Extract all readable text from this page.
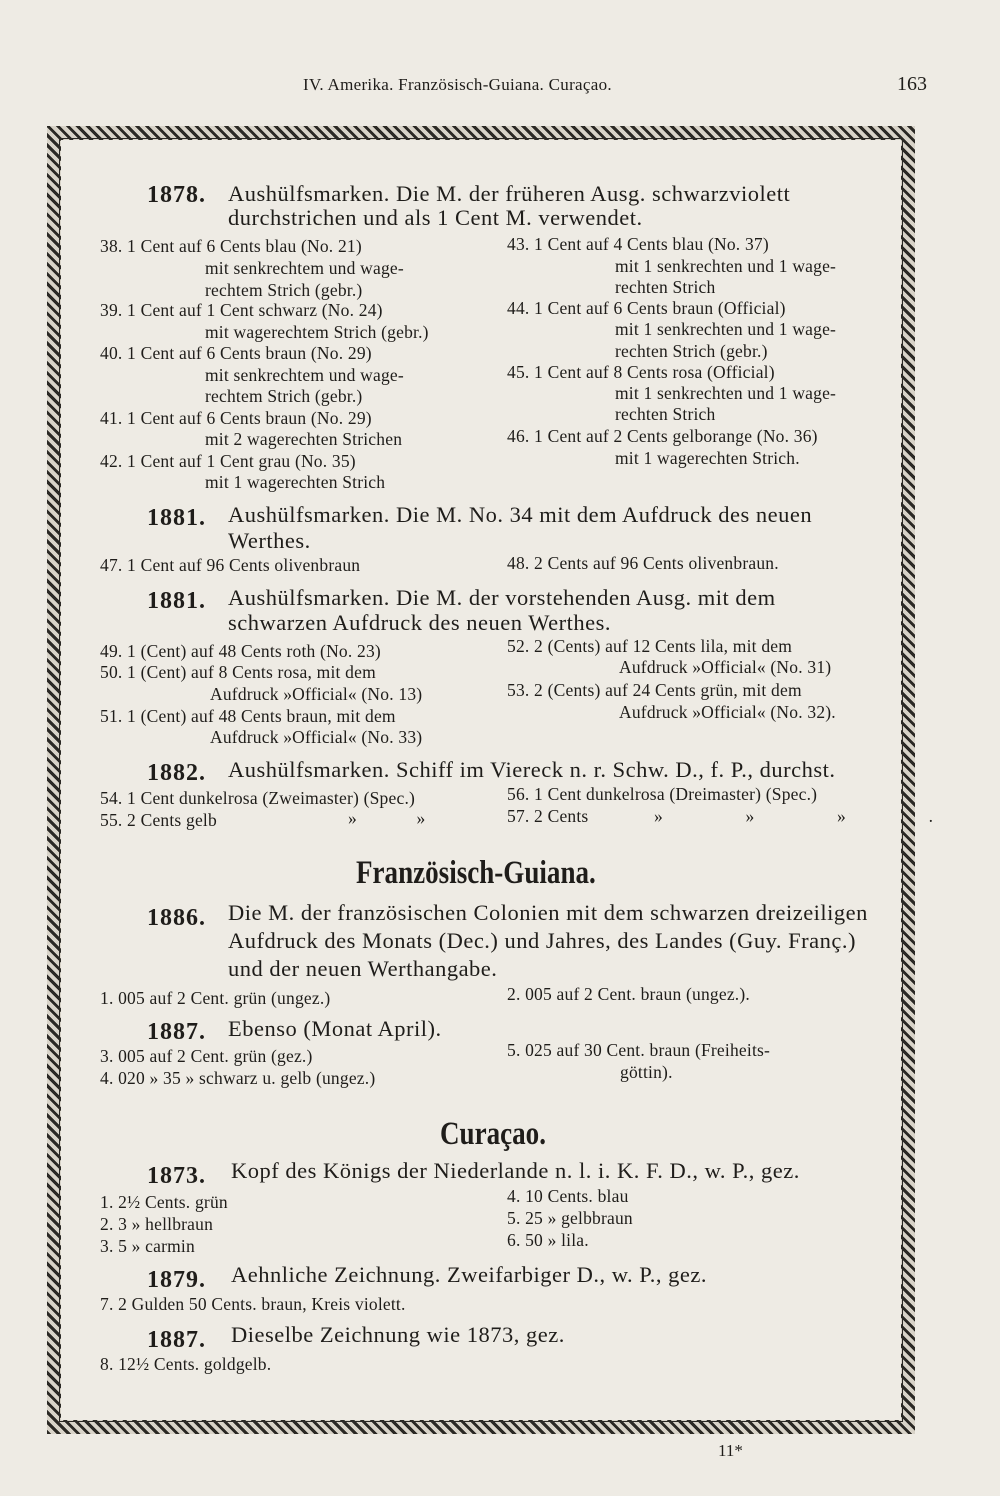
IV. Amerika. Französisch-Guiana. Curaçao.	163
1878. Aushülfsmarken. Die M. der früheren Ausg. schwarzviolett
durchstrichen und als 1 Cent M. verwendet.
38. 1 Cent auf 6 Cents blau (No. 21)
mit senkrechtem und wage-
rechtem Strich (gebr.)
39. 1 Cent auf 1 Cent schwarz (No. 24)
mit wagerechtem Strich (gebr.)
40. 1 Cent auf 6 Cents braun (No. 29)
mit senkrechtem und wage-
rechtem Strich (gebr.)
41. 1 Cent auf 6 Cents braun (No. 29)
mit 2 wagerechten Strichen
42. 1 Cent auf 1 Cent grau (No. 35)
mit 1 wagerechten Strich
43. 1 Cent auf 4 Cents blau (No. 37)
mit 1 senkrechten und 1 wage-
rechten Strich
44. 1 Cent auf 6 Cents braun (Official)
mit 1 senkrechten und 1 wage-
rechten Strich (gebr.)
45. 1 Cent auf 8 Cents rosa (Official)
mit 1 senkrechten und 1 wage-
rechten Strich
46. 1 Cent auf 2 Cents gelborange (No. 36)
mit 1 wagerechten Strich.
1881. Aushülfsmarken. Die M. No. 34 mit dem Aufdruck des neuen
Werthes.
47. 1 Cent auf 96 Cents olivenbraun	48. 2 Cents auf 96 Cents olivenbraun.
1881. Aushülfsmarken. Die M. der vorstehenden Ausg. mit dem
schwarzen Aufdruck des neuen Werthes.
49. 1 (Cent) auf 48 Cents roth (No. 23)
50. 1 (Cent) auf 8 Cents rosa, mit dem
Aufdruck »Official« (No. 13)
51. 1 (Cent) auf 48 Cents braun, mit dem
Aufdruck »Official« (No. 33)
52. 2 (Cents) auf 12 Cents lila, mit dem
Aufdruck »Official« (No. 31)
53. 2 (Cents) auf 24 Cents grün, mit dem
Aufdruck »Official« (No. 32).
1882. Aushülfsmarken. Schiff im Viereck n. r. Schw. D., f. P., durchst.
54. 1 Cent dunkelrosa (Zweimaster) (Spec.)
55. 2 Cents gelb	» »
56. 1 Cent dunkelrosa (Dreimaster) (Spec.)
57. 2 Cents	» » » .
Französisch-Guiana.
1886. Die M. der französischen Colonien mit dem schwarzen dreizeiligen
Aufdruck des Monats (Dec.) und Jahres, des Landes (Guy. Franç.)
und der neuen Werthangabe.
1. 005 auf 2 Cent. grün (ungez.)	2. 005 auf 2 Cent. braun (ungez.).
1887. Ebenso (Monat April).
3. 005 auf 2 Cent. grün (gez.)
4. 020 » 35 » schwarz u. gelb (ungez.)
5. 025 auf 30 Cent. braun (Freiheits-
göttin).
Curaçao.
1873. Kopf des Königs der Niederlande n. l. i. K. F. D., w. P., gez.
1. 2½ Cents. grün
2. 3 » hellbraun
3. 5 » carmin
4. 10 Cents. blau
5. 25 » gelbbraun
6. 50 » lila.
1879. Aehnliche Zeichnung. Zweifarbiger D., w. P., gez.
7. 2 Gulden 50 Cents. braun, Kreis violett.
1887. Dieselbe Zeichnung wie 1873, gez.
8. 12½ Cents. goldgelb.
11*
